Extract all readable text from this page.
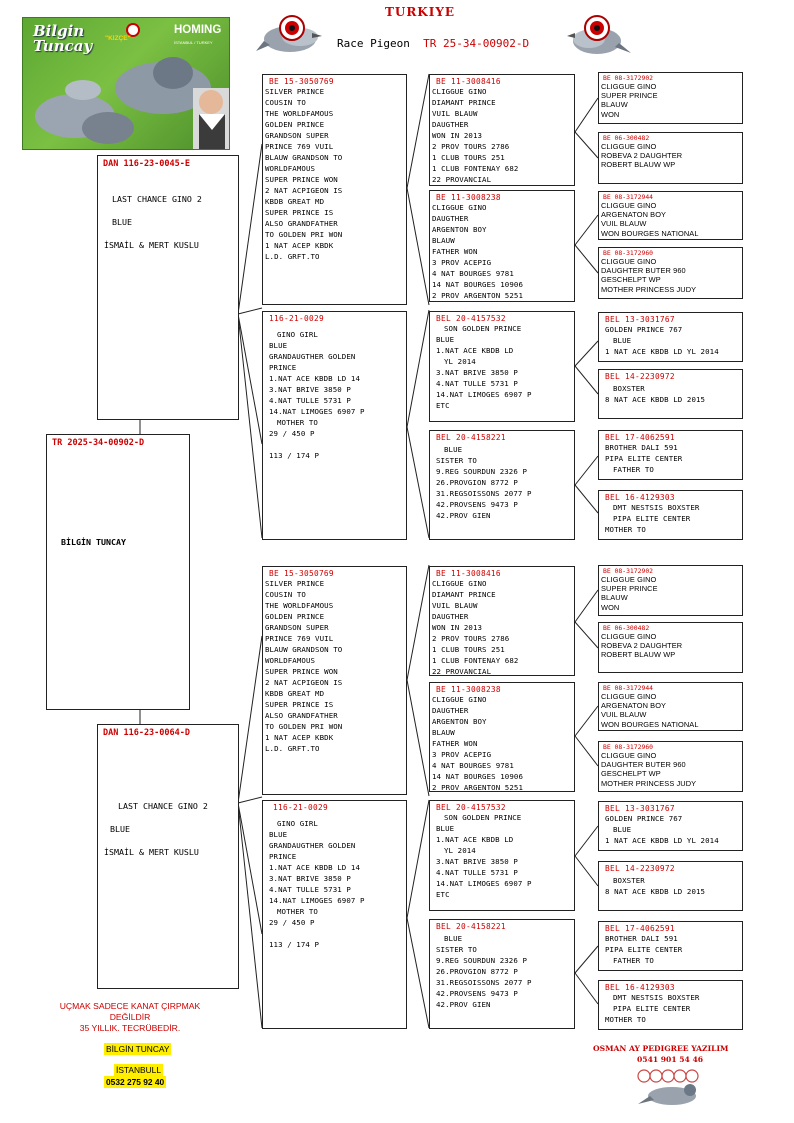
TURKIYE
Race Pigeon TR 25-34-00902-D
Bilgin
Tuncay "KIZÇE"
HOMING
İSTANBUL / TURKEY
TR 2025-34-00902-D
BİLGİN TUNCAY
DAN 116-23-0045-E
LAST CHANCE GINO 2
BLUE
İSMAİL & MERT KUSLU
DAN 116-23-0064-D
LAST CHANCE GINO 2
BLUE
İSMAİL & MERT KUSLU
BE 15-3050769
SILVER PRINCE
COUSIN TO
THE WORLDFAMOUS
GOLDEN PRINCE
GRANDSON SUPER
PRINCE 769 VUIL
BLAUW GRANDSON TO
WORLDFAMOUS
SUPER PRINCE WON
2 NAT ACPIGEON IS
KBDB GREAT MD
SUPER PRINCE IS
ALSO GRANDFATHER
TO GOLDEN PRI WON
1 NAT ACEP KBDK
L.D. GRFT.TO
116-21-0029
GINO GIRL
BLUE
GRANDAUGTHER GOLDEN
PRINCE
1.NAT ACE KBDB LD 14
3.NAT BRIVE 3850 P
4.NAT TULLE 5731 P
14.NAT LIMOGES 6907 P
MOTHER TO
29 / 450 P
113 / 174 P
BE 11-3008416
CLIGGUE GINO
DIAMANT PRINCE
VUIL BLAUW
DAUGTHER
WON IN 2013
2 PROV TOURS 2786
1 CLUB TOURS 251
1 CLUB FONTENAY 682
22 PROVANCIAL
BE 11-3008238
CLIGGUE GINO
DAUGTHER
ARGENTON BOY
BLAUW
FATHER WON
3 PROV ACEPIG
4 NAT BOURGES 9781
14 NAT BOURGES 10906
2 PROV ARGENTON 5251
BEL 20-4157532
SON GOLDEN PRINCE
BLUE
1.NAT ACE KBDB LD
YL 2014
3.NAT BRIVE 3850 P
4.NAT TULLE 5731 P
14.NAT LIMOGES 6907 P
ETC
BEL 20-4158221
BLUE
SISTER TO
9.REG SOURDUN 2326 P
26.PROVGION 8772 P
31.REGSOISSONS 2077 P
42.PROVSENS 9473 P
42.PROV GIEN
BE 08-3172902
CLIGGUE GINO
SUPER PRINCE
BLAUW
WON
BE 06-300482
CLIGGUE GINO
ROBEVA 2 DAUGHTER
ROBERT BLAUW WP
BE 08-3172944
CLIGGUE GINO
ARGENATON BOY
VUIL BLAUW
WON BOURGES NATIONAL
BE 08-3172960
CLIGGUE GINO
DAUGHTER BUTER 960
GESCHELPT WP
MOTHER PRINCESS JUDY
BEL 13-3031767
GOLDEN PRINCE 767
BLUE
1 NAT ACE KBDB LD YL 2014
BEL 14-2230972
BOXSTER
8 NAT ACE KBDB LD 2015
BEL 17-4062591
BROTHER DALI 591
PIPA ELITE CENTER
FATHER TO
BEL 16-4129303
DMT NESTSIS BOXSTER
PIPA ELITE CENTER
MOTHER TO
BE 15-3050769
SILVER PRINCE
COUSIN TO
THE WORLDFAMOUS
GOLDEN PRINCE
GRANDSON SUPER
PRINCE 769 VUIL
BLAUW GRANDSON TO
WORLDFAMOUS
SUPER PRINCE WON
2 NAT ACPIGEON IS
KBDB GREAT MD
SUPER PRINCE IS
ALSO GRANDFATHER
TO GOLDEN PRI WON
1 NAT ACEP KBDK
L.D. GRFT.TO
116-21-0029
GINO GIRL
BLUE
GRANDAUGTHER GOLDEN
PRINCE
1.NAT ACE KBDB LD 14
3.NAT BRIVE 3850 P
4.NAT TULLE 5731 P
14.NAT LIMOGES 6907 P
MOTHER TO
29 / 450 P
113 / 174 P
BE 11-3008416
CLIGGUE GINO
DIAMANT PRINCE
VUIL BLAUW
DAUGTHER
WON IN 2013
2 PROV TOURS 2786
1 CLUB TOURS 251
1 CLUB FONTENAY 682
22 PROVANCIAL
BE 11-3008238
CLIGGUE GINO
DAUGTHER
ARGENTON BOY
BLAUW
FATHER WON
3 PROV ACEPIG
4 NAT BOURGES 9781
14 NAT BOURGES 10906
2 PROV ARGENTON 5251
BEL 20-4157532
SON GOLDEN PRINCE
BLUE
1.NAT ACE KBDB LD
YL 2014
3.NAT BRIVE 3850 P
4.NAT TULLE 5731 P
14.NAT LIMOGES 6907 P
ETC
BEL 20-4158221
BLUE
SISTER TO
9.REG SOURDUN 2326 P
26.PROVGION 8772 P
31.REGSOISSONS 2077 P
42.PROVSENS 9473 P
42.PROV GIEN
BE 08-3172902
CLIGGUE GINO
SUPER PRINCE
BLAUW
WON
BE 06-300482
CLIGGUE GINO
ROBEVA 2 DAUGHTER
ROBERT BLAUW WP
BE 08-3172944
CLIGGUE GINO
ARGENATON BOY
VUIL BLAUW
WON BOURGES NATIONAL
BE 08-3172960
CLIGGUE GINO
DAUGHTER BUTER 960
GESCHELPT WP
MOTHER PRINCESS JUDY
BEL 13-3031767
GOLDEN PRINCE 767
BLUE
1 NAT ACE KBDB LD YL 2014
BEL 14-2230972
BOXSTER
8 NAT ACE KBDB LD 2015
BEL 17-4062591
BROTHER DALI 591
PIPA ELITE CENTER
FATHER TO
BEL 16-4129303
DMT NESTSIS BOXSTER
PIPA ELITE CENTER
MOTHER TO
UÇMAK SADECE KANAT ÇIRPMAK
DEĞİLDİR
35 YILLIK. TECRÜBEDİR.
BİLGİN TUNCAY
İSTANBULL
0532 275 92 40
OSMAN AY PEDIGREE YAZILIM
0541 901 54 46
